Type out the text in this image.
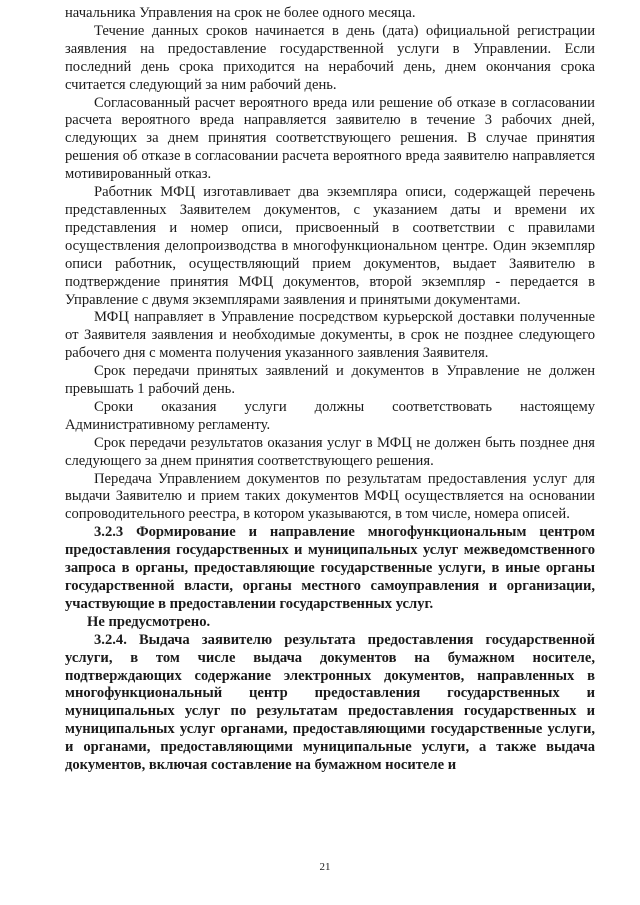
начальника Управления на срок не более одного месяца.

Течение данных сроков начинается в день (дата) официальной регистрации заявления на предоставление государственной услуги в Управлении. Если последний день срока приходится на нерабочий день, днем окончания срока считается следующий за ним рабочий день.

Согласованный расчет вероятного вреда или решение об отказе в согласовании расчета вероятного вреда направляется заявителю в течение 3 рабочих дней, следующих за днем принятия соответствующего решения. В случае принятия решения об отказе в согласовании расчета вероятного вреда заявителю направляется мотивированный отказ.

Работник МФЦ изготавливает два экземпляра описи, содержащей перечень представленных Заявителем документов, с указанием даты и времени их представления и номер описи, присвоенный в соответствии с правилами осуществления делопроизводства в многофункциональном центре. Один экземпляр описи работник, осуществляющий прием документов, выдает Заявителю в подтверждение принятия МФЦ документов, второй экземпляр - передается в Управление с двумя экземплярами заявления и принятыми документами.

МФЦ направляет в Управление посредством курьерской доставки полученные от Заявителя заявления и необходимые документы, в срок не позднее следующего рабочего дня с момента получения указанного заявления Заявителя.

Срок передачи принятых заявлений и документов в Управление не должен превышать 1 рабочий день.

Сроки оказания услуги должны соответствовать настоящему Административному регламенту.

Срок передачи результатов оказания услуг в МФЦ не должен быть позднее дня следующего за днем принятия соответствующего решения.

Передача Управлением документов по результатам предоставления услуг для выдачи Заявителю и прием таких документов МФЦ осуществляется на основании сопроводительного реестра, в котором указываются, в том числе, номера описей.

3.2.3 Формирование и направление многофункциональным центром предоставления государственных и муниципальных услуг межведомственного запроса в органы, предоставляющие государственные услуги, в иные органы государственной власти, органы местного самоуправления и организации, участвующие в предоставлении государственных услуг.

Не предусмотрено.

3.2.4. Выдача заявителю результата предоставления государственной услуги, в том числе выдача документов на бумажном носителе, подтверждающих содержание электронных документов, направленных в многофункциональный центр предоставления государственных и муниципальных услуг по результатам предоставления государственных и муниципальных услуг органами, предоставляющими государственные услуги, и органами, предоставляющими муниципальные услуги, а также выдача документов, включая составление на бумажном носителе и

21
